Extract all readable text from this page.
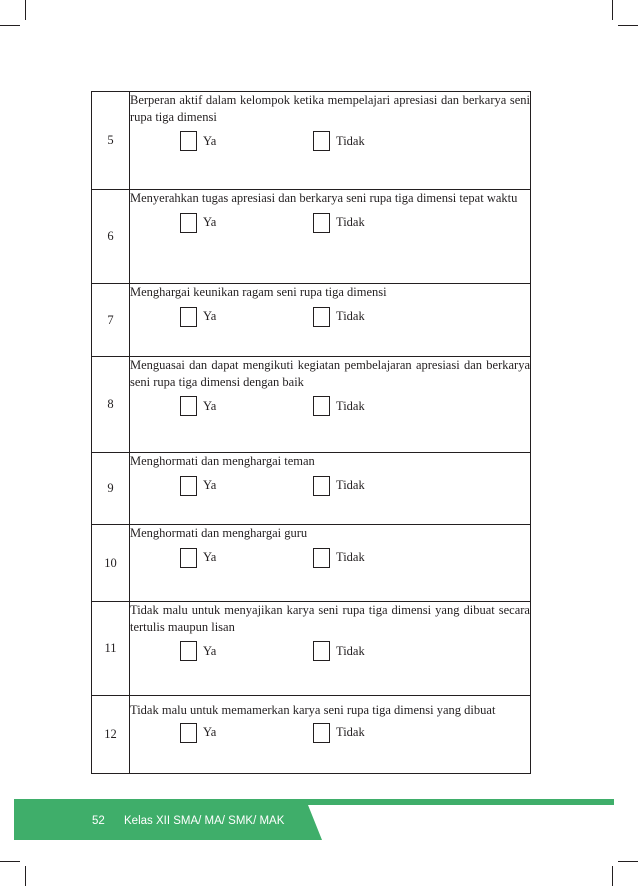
5	Berperan aktif dalam kelompok ketika mempelajari apresiasi dan berkarya seni rupa tiga dimensi
Ya Tidak

6	Menyerahkan tugas apresiasi dan berkarya seni rupa tiga dimensi tepat waktu
Ya Tidak

7	Menghargai keunikan ragam seni rupa tiga dimensi
Ya Tidak

8	Menguasai dan dapat mengikuti kegiatan pembelajaran apresiasi dan berkarya seni rupa tiga dimensi dengan baik
Ya Tidak

9	Menghormati dan menghargai teman
Ya Tidak

10	Menghormati dan menghargai guru
Ya Tidak

11	Tidak malu untuk menyajikan karya seni rupa tiga dimensi yang dibuat secara tertulis maupun lisan
Ya Tidak

12	Tidak malu untuk memamerkan karya seni rupa tiga dimensi yang dibuat
Ya Tidak
52 Kelas XII SMA/ MA/ SMK/ MAK
